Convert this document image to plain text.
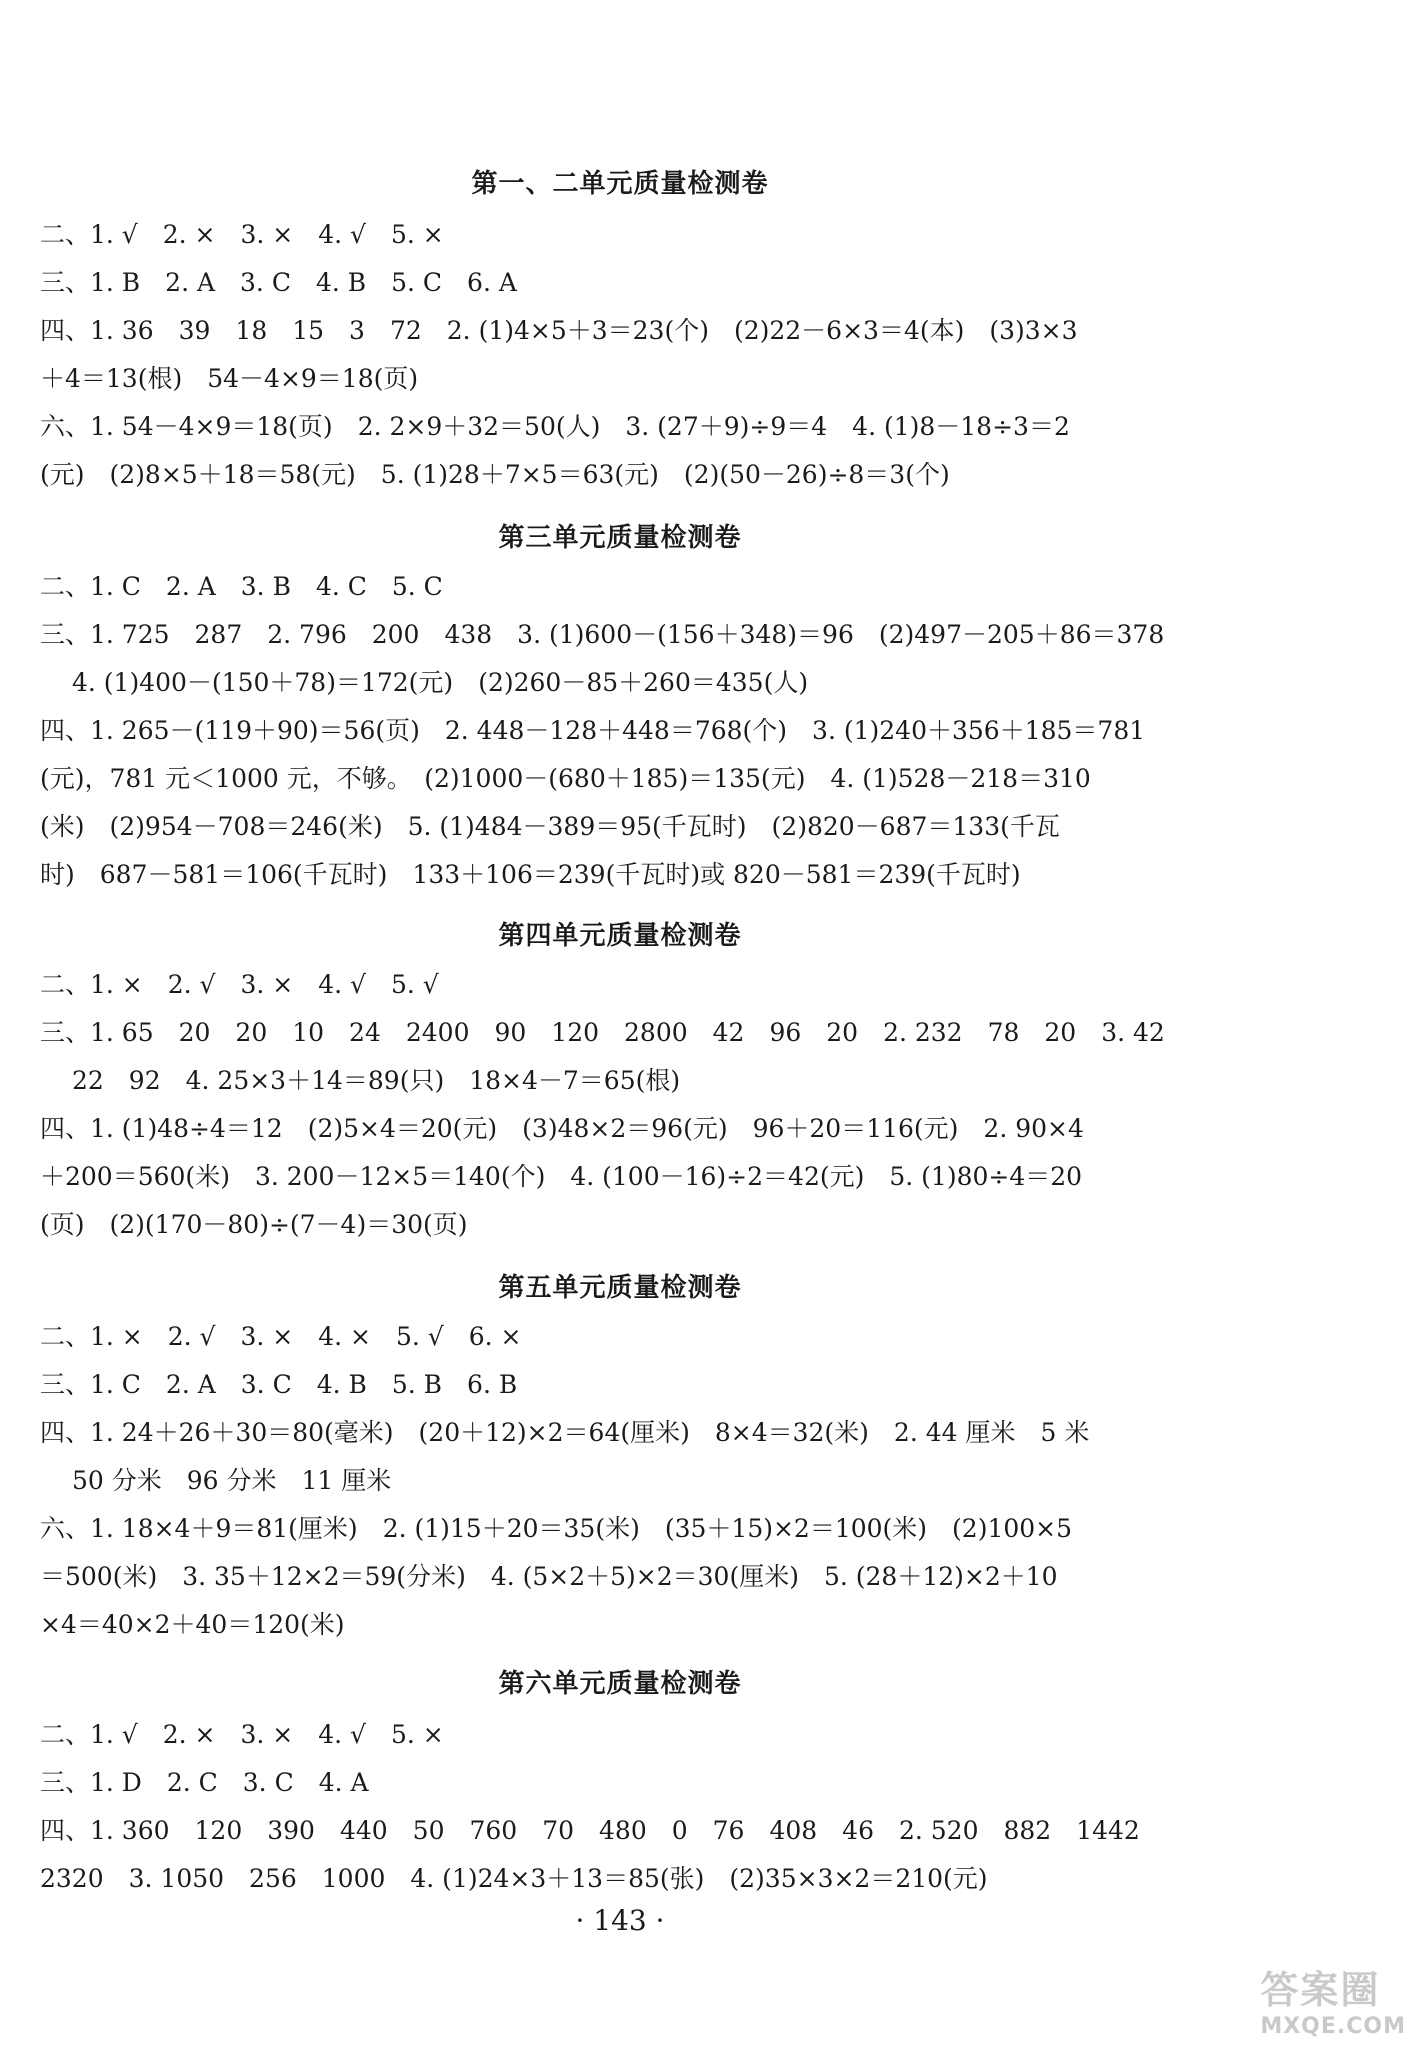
第一、二单元质量检测卷
二、1. √　2. ×　3. ×　4. √　5. ×
三、1. B　2. A　3. C　4. B　5. C　6. A
四、1. 36　39　18　15　3　72　2. (1)4×5＋3＝23(个)　(2)22－6×3＝4(本)　(3)3×3
＋4＝13(根)　54－4×9＝18(页)
六、1. 54－4×9＝18(页)　2. 2×9＋32＝50(人)　3. (27＋9)÷9＝4　4. (1)8－18÷3＝2
(元)　(2)8×5＋18＝58(元)　5. (1)28＋7×5＝63(元)　(2)(50－26)÷8＝3(个)
第三单元质量检测卷
二、1. C　2. A　3. B　4. C　5. C
三、1. 725　287　2. 796　200　438　3. (1)600－(156＋348)＝96　(2)497－205＋86＝378
4. (1)400－(150＋78)＝172(元)　(2)260－85＋260＝435(人)
四、1. 265－(119＋90)＝56(页)　2. 448－128＋448＝768(个)　3. (1)240＋356＋185＝781
(元)，781 元＜1000 元，不够。　(2)1000－(680＋185)＝135(元)　4. (1)528－218＝310
(米)　(2)954－708＝246(米)　5. (1)484－389＝95(千瓦时)　(2)820－687＝133(千瓦
时)　687－581＝106(千瓦时)　133＋106＝239(千瓦时)或 820－581＝239(千瓦时)
第四单元质量检测卷
二、1. ×　2. √　3. ×　4. √　5. √
三、1. 65　20　20　10　24　2400　90　120　2800　42　96　20　2. 232　78　20　3. 42
22　92　4. 25×3＋14＝89(只)　18×4－7＝65(根)
四、1. (1)48÷4＝12　(2)5×4＝20(元)　(3)48×2＝96(元)　96＋20＝116(元)　2. 90×4
＋200＝560(米)　3. 200－12×5＝140(个)　4. (100－16)÷2＝42(元)　5. (1)80÷4＝20
(页)　(2)(170－80)÷(7－4)＝30(页)
第五单元质量检测卷
二、1. ×　2. √　3. ×　4. ×　5. √　6. ×
三、1. C　2. A　3. C　4. B　5. B　6. B
四、1. 24＋26＋30＝80(毫米)　(20＋12)×2＝64(厘米)　8×4＝32(米)　2. 44 厘米　5 米
50 分米　96 分米　11 厘米
六、1. 18×4＋9＝81(厘米)　2. (1)15＋20＝35(米)　(35＋15)×2＝100(米)　(2)100×5
＝500(米)　3. 35＋12×2＝59(分米)　4. (5×2＋5)×2＝30(厘米)　5. (28＋12)×2＋10
×4＝40×2＋40＝120(米)
第六单元质量检测卷
二、1. √　2. ×　3. ×　4. √　5. ×
三、1. D　2. C　3. C　4. A
四、1. 360　120　390　440　50　760　70　480　0　76　408　46　2. 520　882　1442
2320　3. 1050　256　1000　4. (1)24×3＋13＝85(张)　(2)35×3×2＝210(元)
· 143 ·
答案圈
MXQE.COM
